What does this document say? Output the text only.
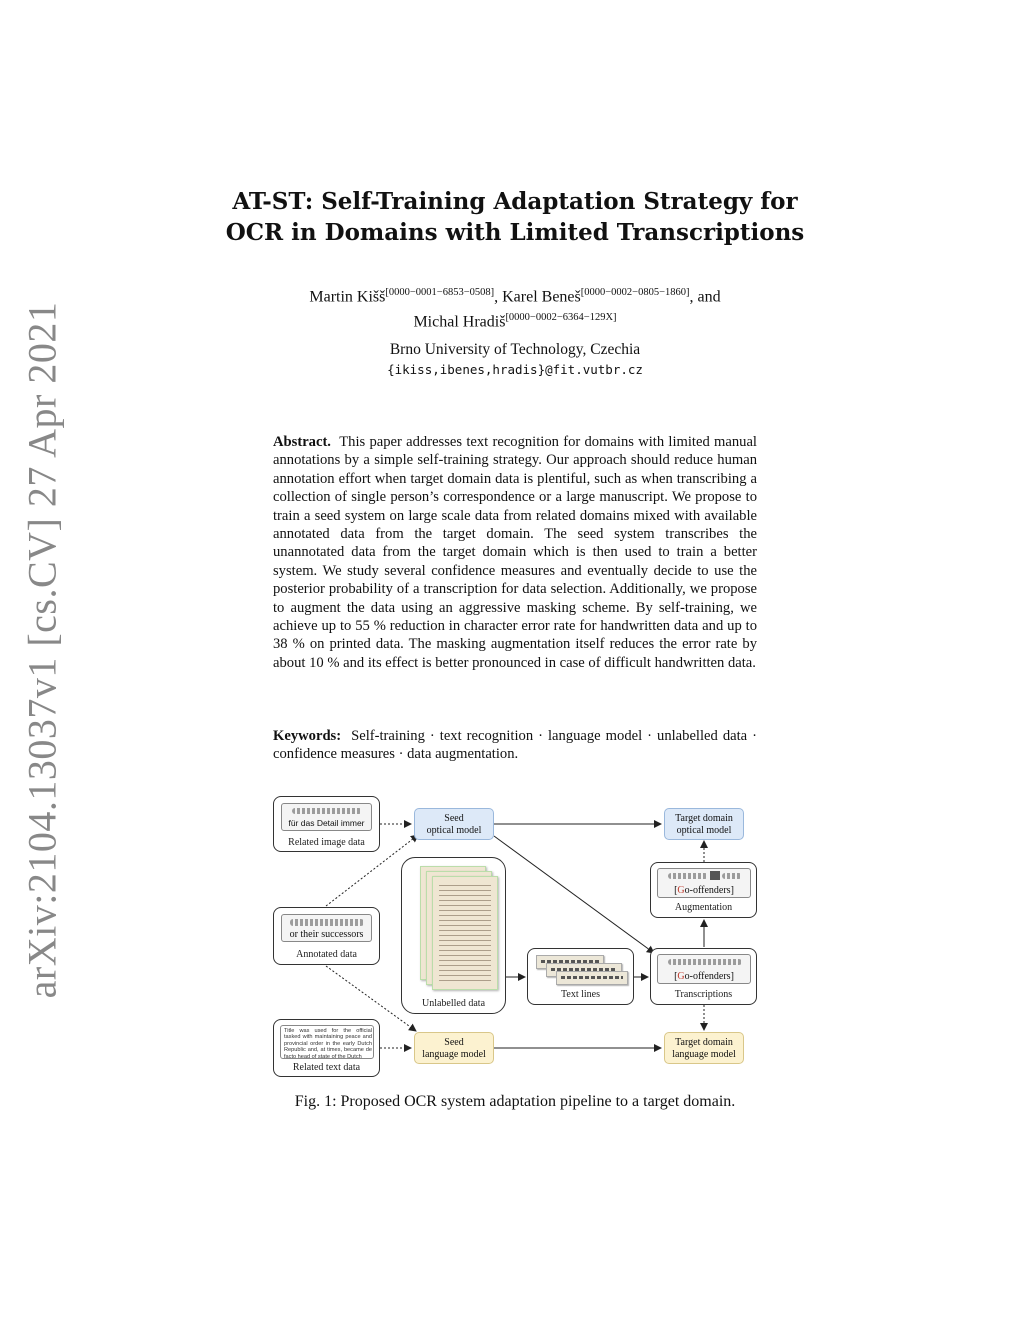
arXiv:2104.13037v1 [cs.CV] 27 Apr 2021
AT-ST: Self-Training Adaptation Strategy for
OCR in Domains with Limited Transcriptions
Martin Kišš[0000−0001−6853−0508], Karel Beneš[0000−0002−0805−1860], and
Michal Hradiš[0000−0002−6364−129X]
Brno University of Technology, Czechia
{ikiss,ibenes,hradis}@fit.vutbr.cz
Abstract. This paper addresses text recognition for domains with limited manual annotations by a simple self-training strategy. Our approach should reduce human annotation effort when target domain data is plentiful, such as when transcribing a collection of single person’s correspondence or a large manuscript. We propose to train a seed system on large scale data from related domains mixed with available annotated data from the target domain. The seed system transcribes the unannotated data from the target domain which is then used to train a better system. We study several confidence measures and eventually decide to use the posterior probability of a transcription for data selection. Additionally, we propose to augment the data using an aggressive masking scheme. By self-training, we achieve up to 55 % reduction in character error rate for handwritten data and up to 38 % on printed data. The masking augmentation itself reduces the error rate by about 10 % and its effect is better pronounced in case of difficult handwritten data.
Keywords: Self-training · text recognition · language model · unlabelled data · confidence measures · data augmentation.
für das Detail immer
Related image data
or their successors
Annotated data
Title was used for the official tasked with maintaining peace and provincial order in the early Dutch Republic and, at times, became de facto head of state of the Dutch
Related text data
Seed
optical model
Unlabelled data
Text lines
Target domain
optical model
[Go-offenders]
Augmentation
[Go-offenders]
Transcriptions
Seed
language model
Target domain
language model
Fig. 1: Proposed OCR system adaptation pipeline to a target domain.
